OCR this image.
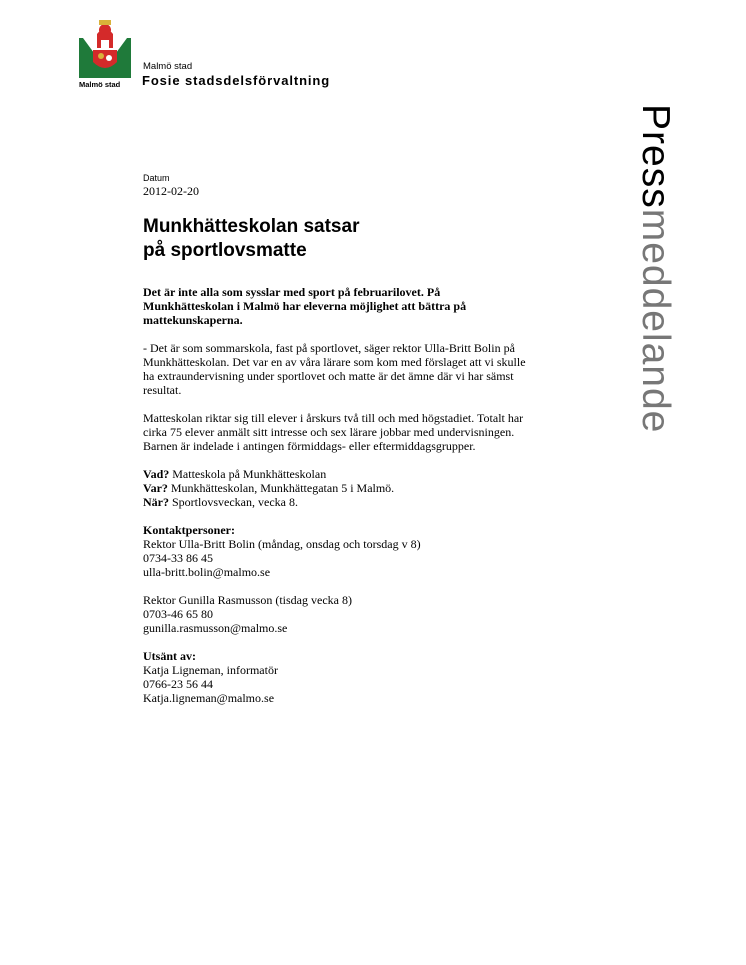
Malmö stad
Malmö stad
Fosie stadsdelsförvaltning
Pressmeddelande
Datum
2012-02-20
Munkhätteskolan satsar
på sportlovsmatte
Det är inte alla som sysslar med sport på februarilovet. På
Munkhätteskolan i Malmö har eleverna möjlighet att bättra på
mattekunskaperna.
- Det är som sommarskola, fast på sportlovet, säger rektor Ulla-Britt Bolin på
Munkhätteskolan. Det var en av våra lärare som kom med förslaget att vi skulle
ha extraundervisning under sportlovet och matte är det ämne där vi har sämst
resultat.
Matteskolan riktar sig till elever i årskurs två till och med högstadiet. Totalt har
cirka 75 elever anmält sitt intresse och sex lärare jobbar med undervisningen.
Barnen är indelade i antingen förmiddags- eller eftermiddagsgrupper.
Vad? Matteskola på Munkhätteskolan
Var? Munkhätteskolan, Munkhättegatan 5 i Malmö.
När? Sportlovsveckan, vecka 8.
Kontaktpersoner:
Rektor Ulla-Britt Bolin (måndag, onsdag och torsdag v 8)
0734-33 86 45
ulla-britt.bolin@malmo.se
Rektor Gunilla Rasmusson (tisdag vecka 8)
0703-46 65 80
gunilla.rasmusson@malmo.se
Utsänt av:
Katja Ligneman, informatör
0766-23 56 44
Katja.ligneman@malmo.se
